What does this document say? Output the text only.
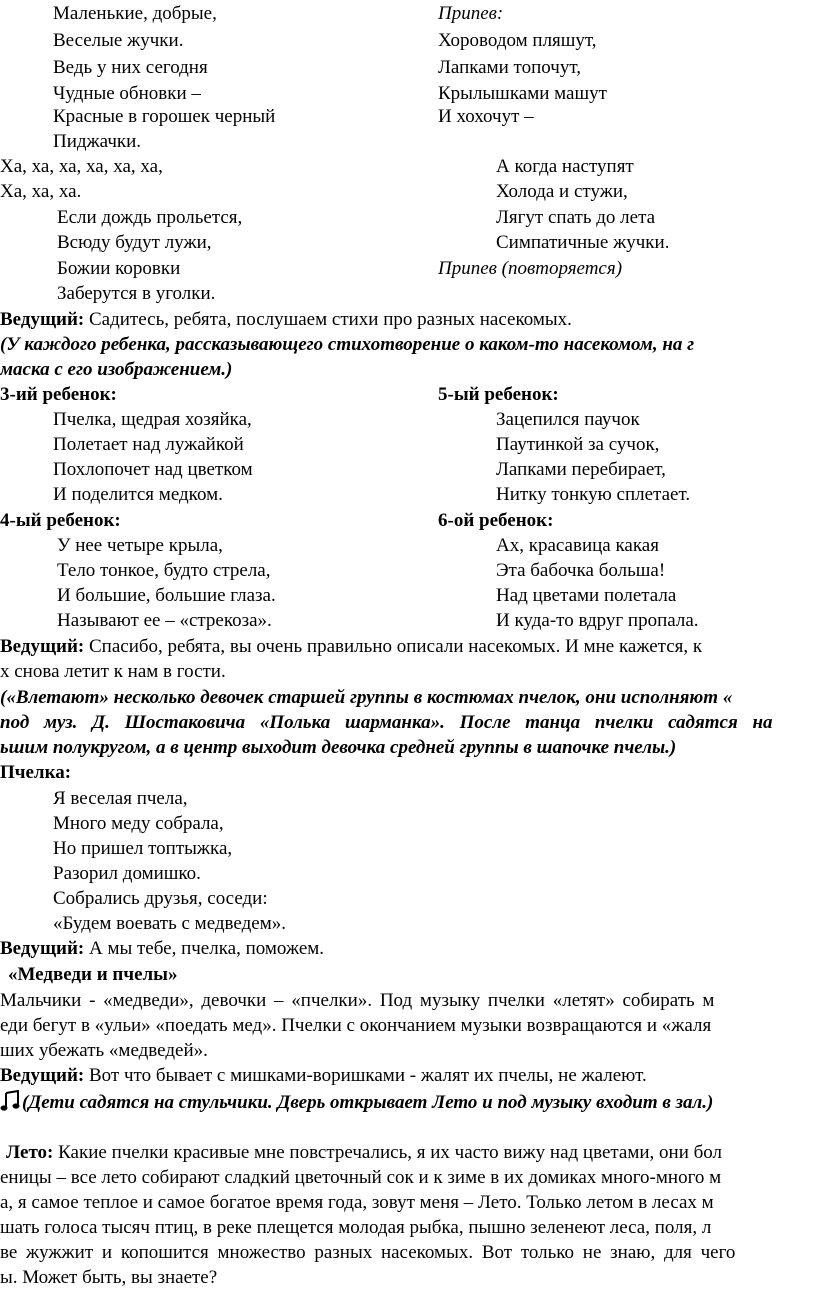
Маленькие, добрые,
Веселые жучки.
Ведь у них сегодня
Чудные обновки –
Красные в горошек черный
Пиджачки.
Припев:
Хороводом пляшут,
Лапками топочут,
Крылышками машут
И хохочут –
Ха, ха, ха, ха, ха, ха,
Ха, ха, ха.
А когда наступят
Холода и стужи,
Лягут спать до лета
Симпатичные жучки.
Если дождь прольется,
Всюду будут лужи,
Божии коровки
Заберутся в уголки.
Припев (повторяется)
Ведущий: Садитесь, ребята, послушаем стихи про разных насекомых.
(У каждого ребенка, рассказывающего стихотворение о каком-то насекомом, на г
маска с его изображением.)
3-ий ребенок:
Пчелка, щедрая хозяйка,
Полетает над лужайкой
Похлопочет над цветком
И поделится медком.
5-ый ребенок:
Зацепился паучок
Паутинкой за сучок,
Лапками перебирает,
Нитку тонкую сплетает.
4-ый ребенок:
У нее четыре крыла,
Тело тонкое, будто стрела,
И большие, большие глаза.
Называют ее – «стрекоза».
6-ой ребенок:
Ах, красавица какая
Эта бабочка больша!
Над цветами полетала
И куда-то вдруг пропала.
Ведущий: Спасибо, ребята, вы очень правильно описали насекомых. И мне кажется, к
х снова летит к нам в гости.
(«Влетают» несколько девочек старшей группы в костюмах пчелок, они исполняют «
под муз. Д. Шостаковича «Полька шарманка». После танца пчелки садятся на
ьшим полукругом, а в центр выходит девочка средней группы в шапочке пчелы.)
Пчелка:
Я веселая пчела,
Много меду собрала,
Но пришел топтыжка,
Разорил домишко.
Собрались друзья, соседи:
«Будем воевать с медведем».
Ведущий: А мы тебе, пчелка, поможем.
«Медведи и пчелы»
Мальчики - «медведи», девочки – «пчелки». Под музыку пчелки «летят» собирать м
еди бегут в «ульи» «поедать мед». Пчелки с окончанием музыки возвращаются и «жаля
ших убежать «медведей».
Ведущий: Вот что бывает с мишками-воришками - жалят их пчелы, не жалеют.
(Дети садятся на стульчики. Дверь открывает Лето и под музыку входит в зал.)
Лето: Какие пчелки красивые мне повстречались, я их часто вижу над цветами, они бол
еницы – все лето собирают сладкий цветочный сок и к зиме в их домиках много-много м
а, я самое теплое и самое богатое время года, зовут меня – Лето. Только летом в лесах м
шать голоса тысяч птиц, в реке плещется молодая рыбка, пышно зеленеют леса, поля, л
ве жужжит и копошится множество разных насекомых. Вот только не знаю, для чего
ы. Может быть, вы знаете?
